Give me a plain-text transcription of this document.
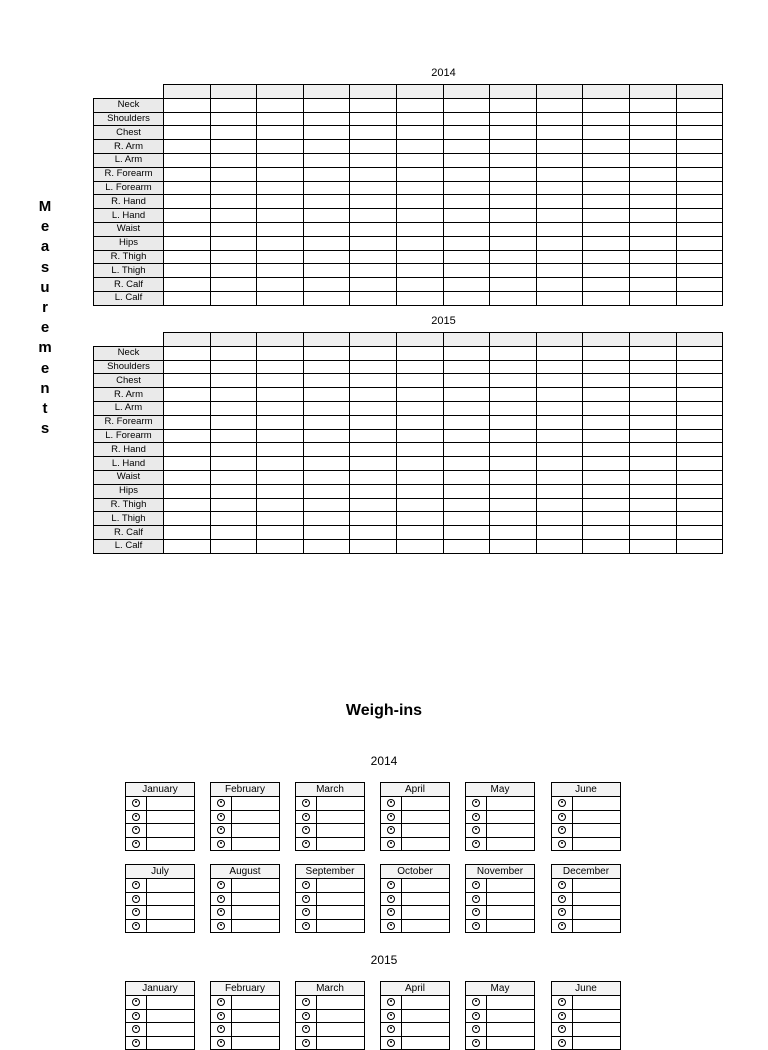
M
e
a
s
u
r
e
m
e
n
t
s
2014

Neck												
Shoulders												
Chest												
R. Arm												
L. Arm												
R. Forearm												
L. Forearm												
R. Hand												
L. Hand												
Waist												
Hips												
R. Thigh												
L. Thigh												
R. Calf												
L. Calf												
2015

Neck												
Shoulders												
Chest												
R. Arm												
L. Arm												
R. Forearm												
L. Forearm												
R. Hand												
L. Hand												
Waist												
Hips												
R. Thigh												
L. Thigh												
R. Calf												
L. Calf												
Weigh-ins
2014
January	February	March	April	May	June
July	August	September	October	November	December
2015
January	February	March	April	May	June
